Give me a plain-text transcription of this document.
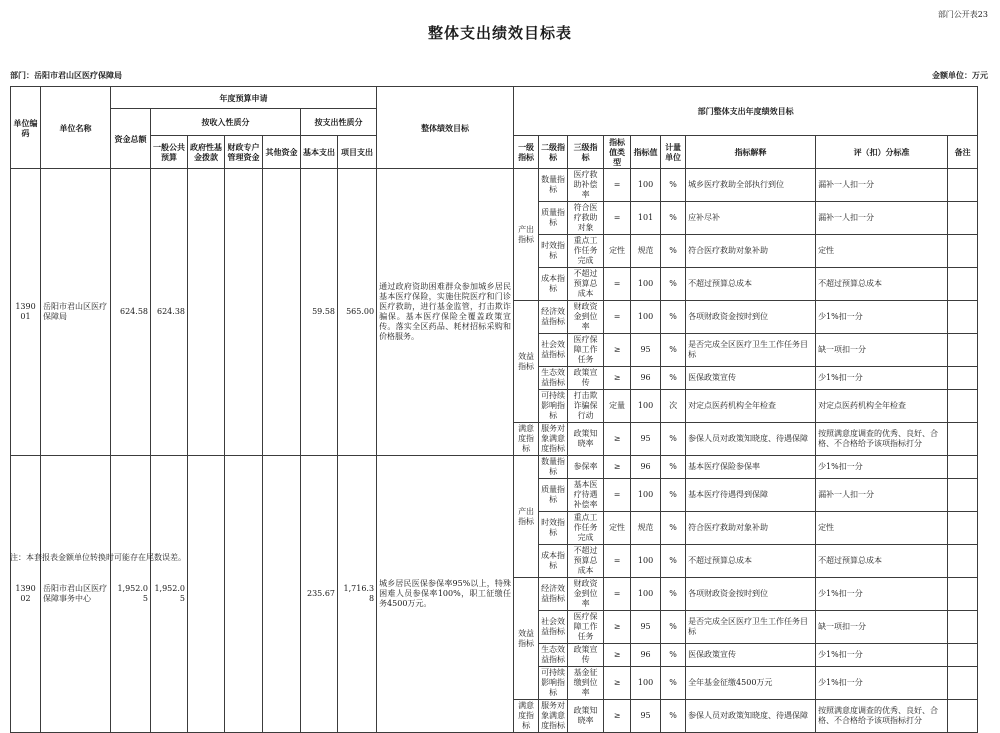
部门公开表23
整体支出绩效目标表
部门：岳阳市君山区医疗保障局	金额单位：万元
单位编码	单位名称	年度预算申请							整体绩效目标	部门整体支出年度绩效目标								
		资金总额	按收入性质分				按支出性质分											
			一般公共预算	政府性基金拨款	财政专户管理资金	其他资金	基本支出	项目支出		一级指标	二级指标	三级指标	指标值类型	指标值	计量单位	指标解释	评（扣）分标准	备注
139001	岳阳市君山区医疗保障局	624.58	624.38				59.58	565.00	通过政府资助困难群众参加城乡居民基本医疗保险，实施住院医疗和门诊医疗救助，进行基金监管，打击欺诈骗保。基本医疗保险全覆盖政策宣传。落实全区药品、耗材招标采购和价格服务。	产出指标	数量指标	医疗救助补偿率	=	100	%	城乡医疗救助全部执行到位	漏补一人扣一分	
											质量指标	符合医疗救助对象	=	101	%	应补尽补	漏补一人扣一分	
											时效指标	重点工作任务完成	定性	规范	%	符合医疗救助对象补助	定性	
											成本指标	不超过预算总成本	=	100	%	不超过预算总成本	不超过预算总成本	
										效益指标	经济效益指标	财政资金到位率	=	100	%	各项财政资金按时到位	少1%扣一分	
											社会效益指标	医疗保障工作任务	≥	95	%	是否完成全区医疗卫生工作任务目标	缺一项扣一分	
											生态效益指标	政策宣传	≥	96	%	医保政策宣传	少1%扣一分	
											可持续影响指标	打击欺诈骗保行动	定量	100	次	对定点医药机构全年检查	对定点医药机构全年检查	
										满意度指标	服务对象满意度指标	政策知晓率	≥	95	%	参保人员对政策知晓度、待遇保障	按照满意度调查的优秀、良好、合格、不合格给予该项指标打分	
139002	岳阳市君山区医疗保障事务中心	1,952.05	1,952.05				235.67	1,716.38	城乡居民医保参保率95%以上，特殊困难人员参保率100%，职工征缴任务4500万元。	产出指标	数量指标	参保率	≥	96	%	基本医疗保险参保率	少1%扣一分	
											质量指标	基本医疗待遇补偿率	=	100	%	基本医疗待遇得到保障	漏补一人扣一分	
											时效指标	重点工作任务完成	定性	规范	%	符合医疗救助对象补助	定性	
											成本指标	不超过预算总成本	=	100	%	不超过预算总成本	不超过预算总成本	
										效益指标	经济效益指标	财政资金到位率	=	100	%	各项财政资金按时到位	少1%扣一分	
											社会效益指标	医疗保障工作任务	≥	95	%	是否完成全区医疗卫生工作任务目标	缺一项扣一分	
											生态效益指标	政策宣传	≥	96	%	医保政策宣传	少1%扣一分	
											可持续影响指标	基金征缴到位率	≥	100	%	全年基金征缴4500万元	少1%扣一分	
										满意度指标	服务对象满意度指标	政策知晓率	≥	95	%	参保人员对政策知晓度、待遇保障	按照满意度调查的优秀、良好、合格、不合格给予该项指标打分	
注：本套报表金额单位转换时可能存在尾数误差。
